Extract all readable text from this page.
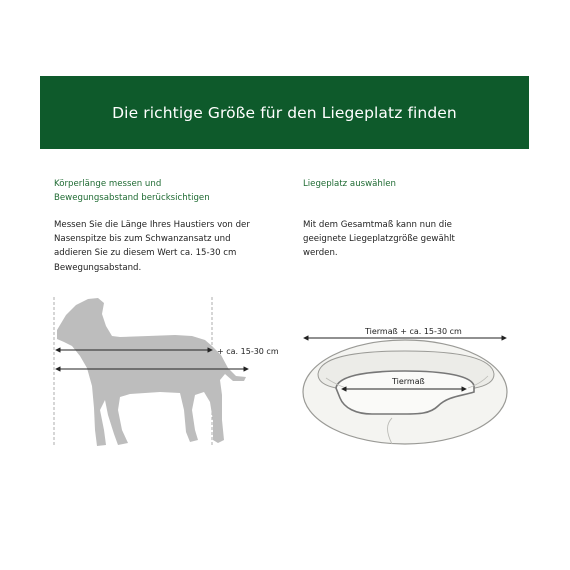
Die richtige Größe für den Liegeplatz finden
Körperlänge messen und
Bewegungsabstand berücksichtigen
Messen Sie die Länge Ihres Haustiers von der
Nasenspitze bis zum Schwanzansatz und
addieren Sie zu diesem Wert ca. 15-30 cm
Bewegungsabstand.
Liegeplatz auswählen
Mit dem Gesamtmaß kann nun die
geeignete Liegeplatzgröße gewählt
werden.
+ ca. 15-30 cm
Tiermaß + ca. 15-30 cm
Tiermaß
